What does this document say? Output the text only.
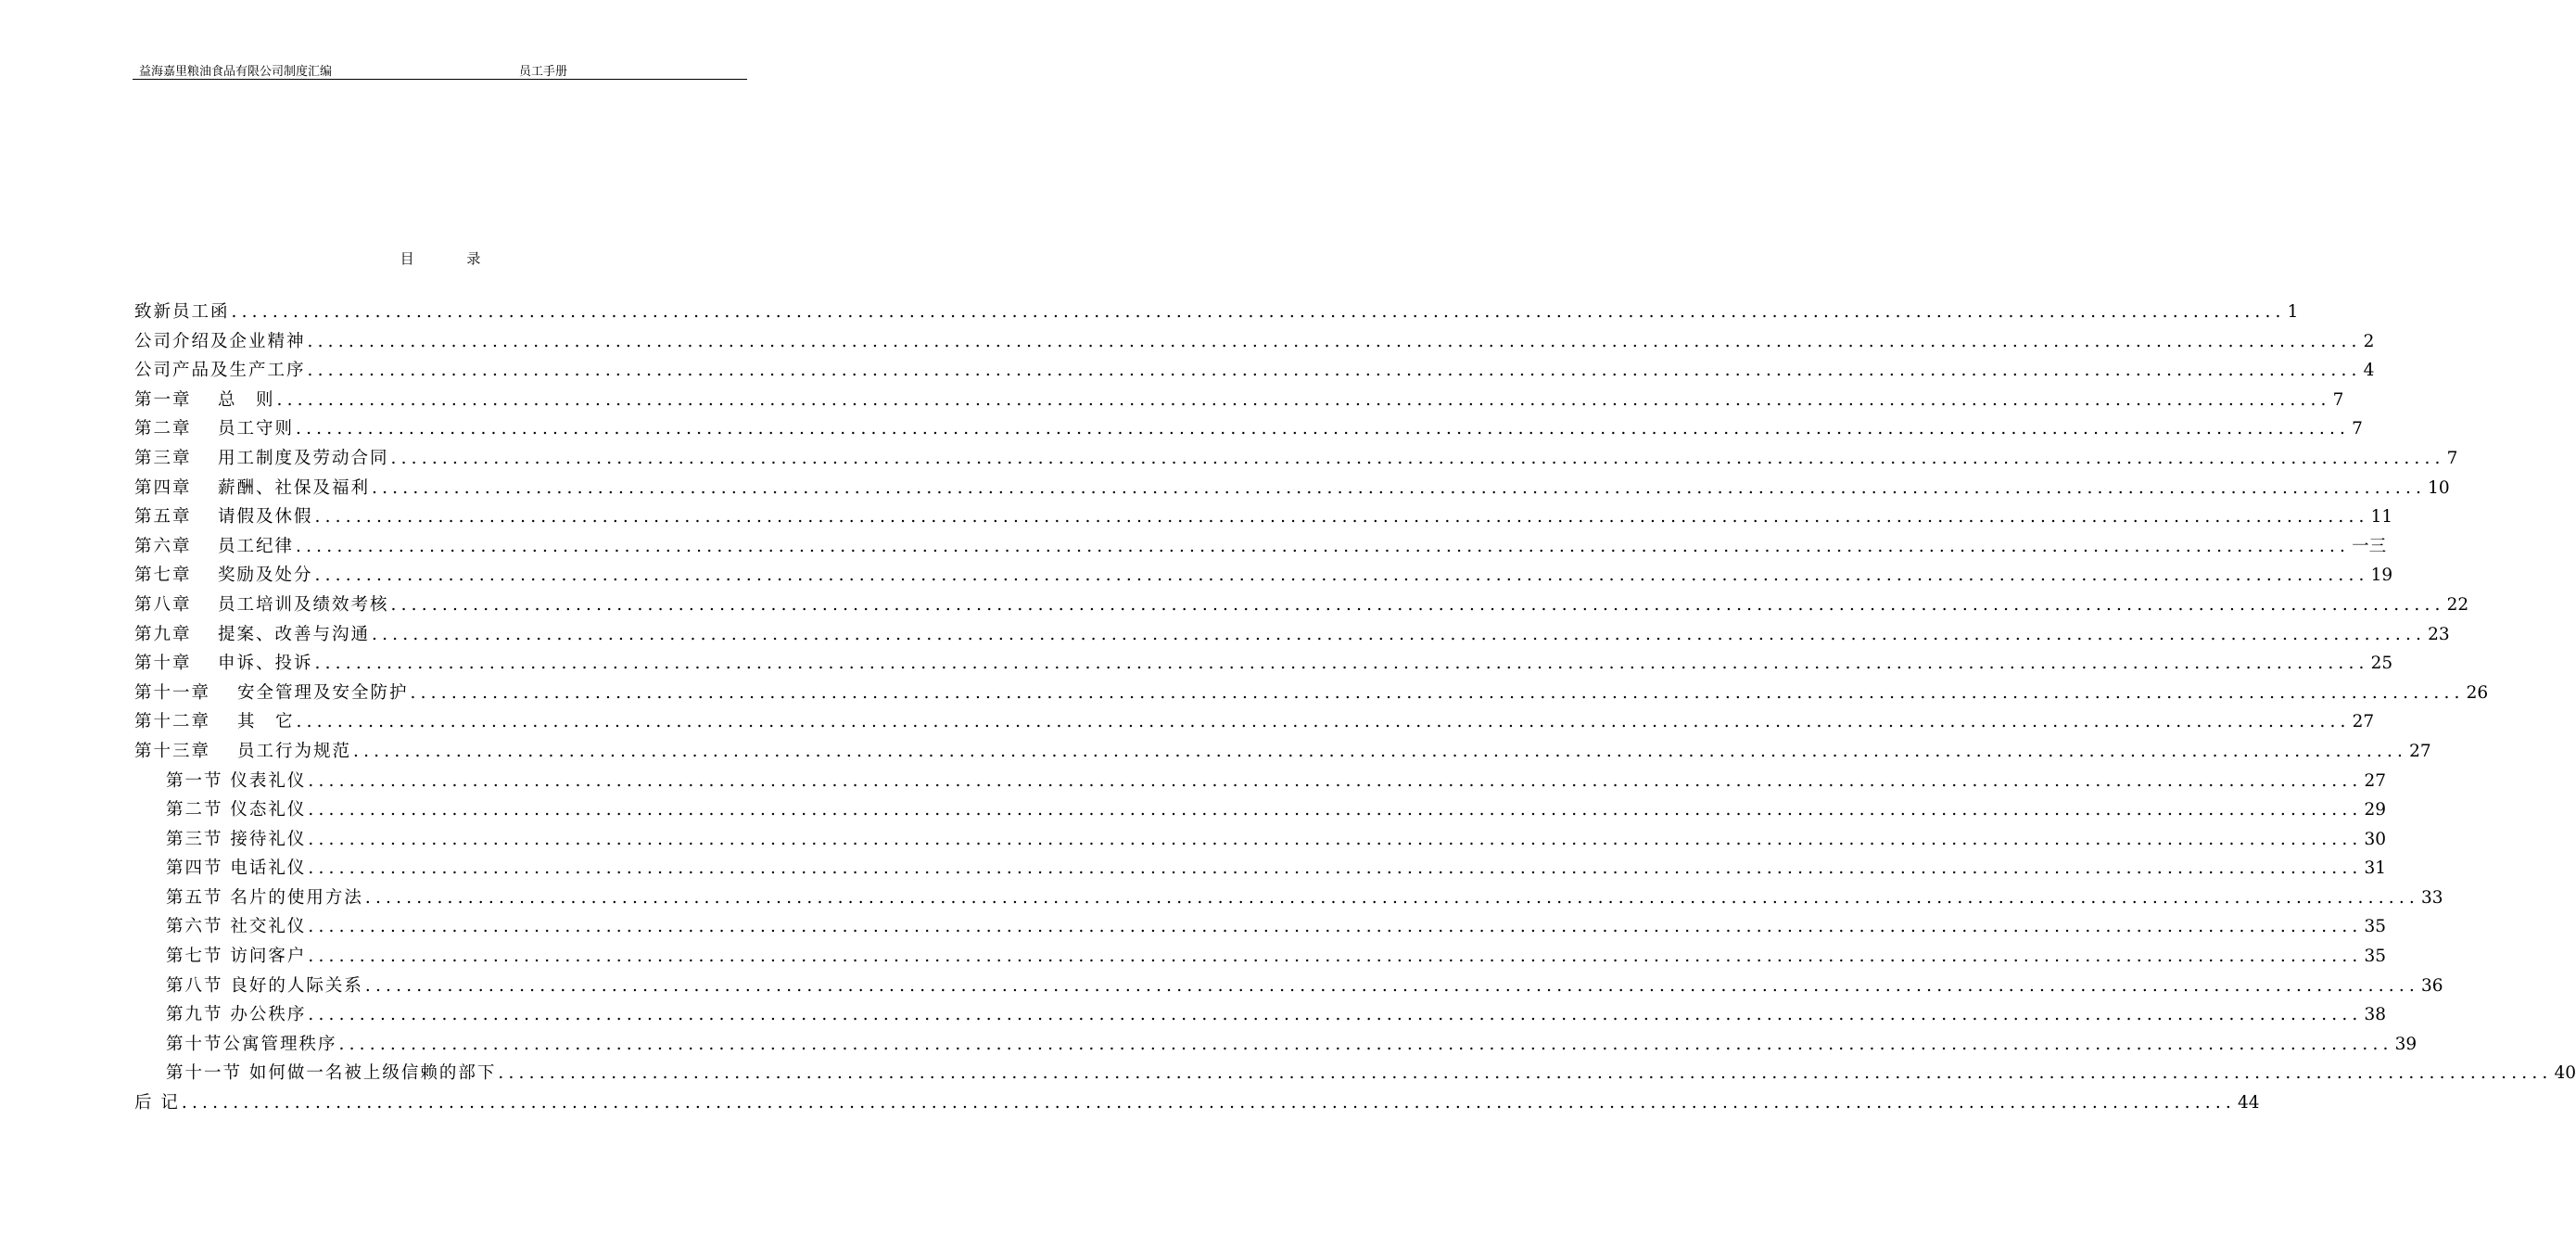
益海嘉里粮油食品有限公司制度汇编	员工手册
目 录
致新员工函 ........................................................................................................................................................................................................ 1
公司介绍及企业精神 ........................................................................................................................................................................................................ 2
公司产品及生产工序 ........................................................................................................................................................................................................ 4
第一章	总　则 ........................................................................................................................................................................................................ 7
第二章	员工守则 ........................................................................................................................................................................................................ 7
第三章	用工制度及劳动合同 ........................................................................................................................................................................................................ 7
第四章	薪酬、社保及福利 ........................................................................................................................................................................................................ 10
第五章	请假及休假 ........................................................................................................................................................................................................ 11
第六章	员工纪律 ........................................................................................................................................................................................................ 一三
第七章	奖励及处分 ........................................................................................................................................................................................................ 19
第八章	员工培训及绩效考核 ........................................................................................................................................................................................................ 22
第九章	提案、改善与沟通 ........................................................................................................................................................................................................ 23
第十章	申诉、投诉 ........................................................................................................................................................................................................ 25
第十一章	安全管理及安全防护 ........................................................................................................................................................................................................ 26
第十二章	其　它 ........................................................................................................................................................................................................ 27
第十三章	员工行为规范 ........................................................................................................................................................................................................ 27
第一节 仪表礼仪 ........................................................................................................................................................................................................ 27
第二节 仪态礼仪 ........................................................................................................................................................................................................ 29
第三节 接待礼仪 ........................................................................................................................................................................................................ 30
第四节 电话礼仪 ........................................................................................................................................................................................................ 31
第五节 名片的使用方法 ........................................................................................................................................................................................................ 33
第六节 社交礼仪 ........................................................................................................................................................................................................ 35
第七节 访问客户 ........................................................................................................................................................................................................ 35
第八节 良好的人际关系 ........................................................................................................................................................................................................ 36
第九节 办公秩序 ........................................................................................................................................................................................................ 38
第十节公寓管理秩序 ........................................................................................................................................................................................................ 39
第十一节 如何做一名被上级信赖的部下 ........................................................................................................................................................................................................ 40
后 记 ........................................................................................................................................................................................................ 44
